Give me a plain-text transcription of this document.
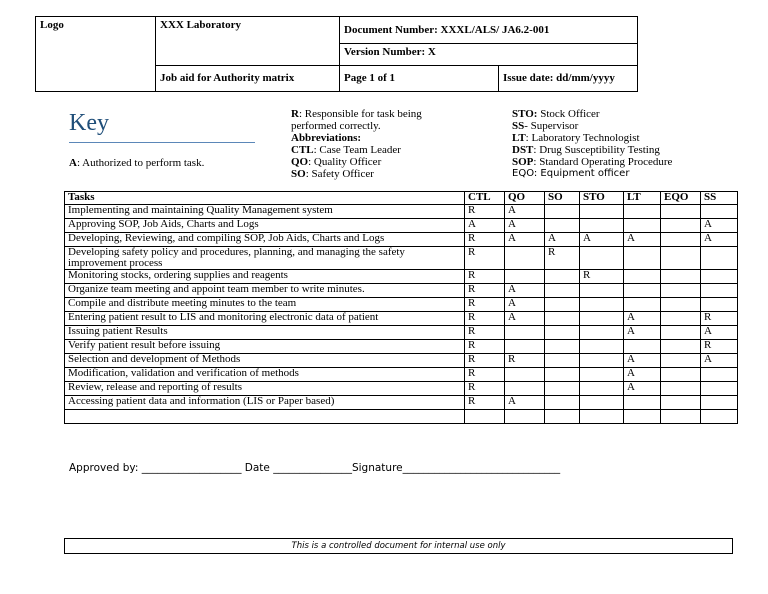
Logo	XXX Laboratory	Document Number: XXXL/ALS/ JA6.2-001	
		Version Number: X	
	Job aid for Authority matrix	Page 1 of 1	Issue date: dd/mm/yyyy
Key
A: Authorized to perform task.
R: Responsible for task being performed correctly.
Abbreviations:
CTL: Case Team Leader
QO: Quality Officer
SO: Safety Officer
STO: Stock Officer
SS- Supervisor
LT: Laboratory Technologist
DST: Drug Susceptibility Testing
SOP: Standard Operating Procedure
EQO: Equipment officer
Tasks	CTL	QO	SO	STO	LT	EQO	SS
Implementing and maintaining Quality Management system	R	A					
Approving SOP, Job Aids, Charts and Logs	A	A					A
Developing, Reviewing, and compiling SOP, Job Aids, Charts and Logs	R	A	A	A	A		A
Developing safety policy and procedures, planning, and managing the safety improvement process	R		R				
Monitoring stocks, ordering supplies and reagents	R			R			
Organize team meeting and appoint team member to write minutes.	R	A					
Compile and distribute meeting minutes to the team	R	A					
Entering patient result to LIS and monitoring electronic data of patient	R	A			A		R
Issuing patient Results	R				A		A
Verify patient result before issuing	R						R
Selection and development of Methods	R	R			A		A
Modification, validation and verification of methods	R				A		
Review, release and reporting of results	R				A		
Accessing patient data and information (LIS or Paper based)	R	A					

Approved by: ___________________ Date _______________Signature______________________________
This is a controlled document for internal use only
